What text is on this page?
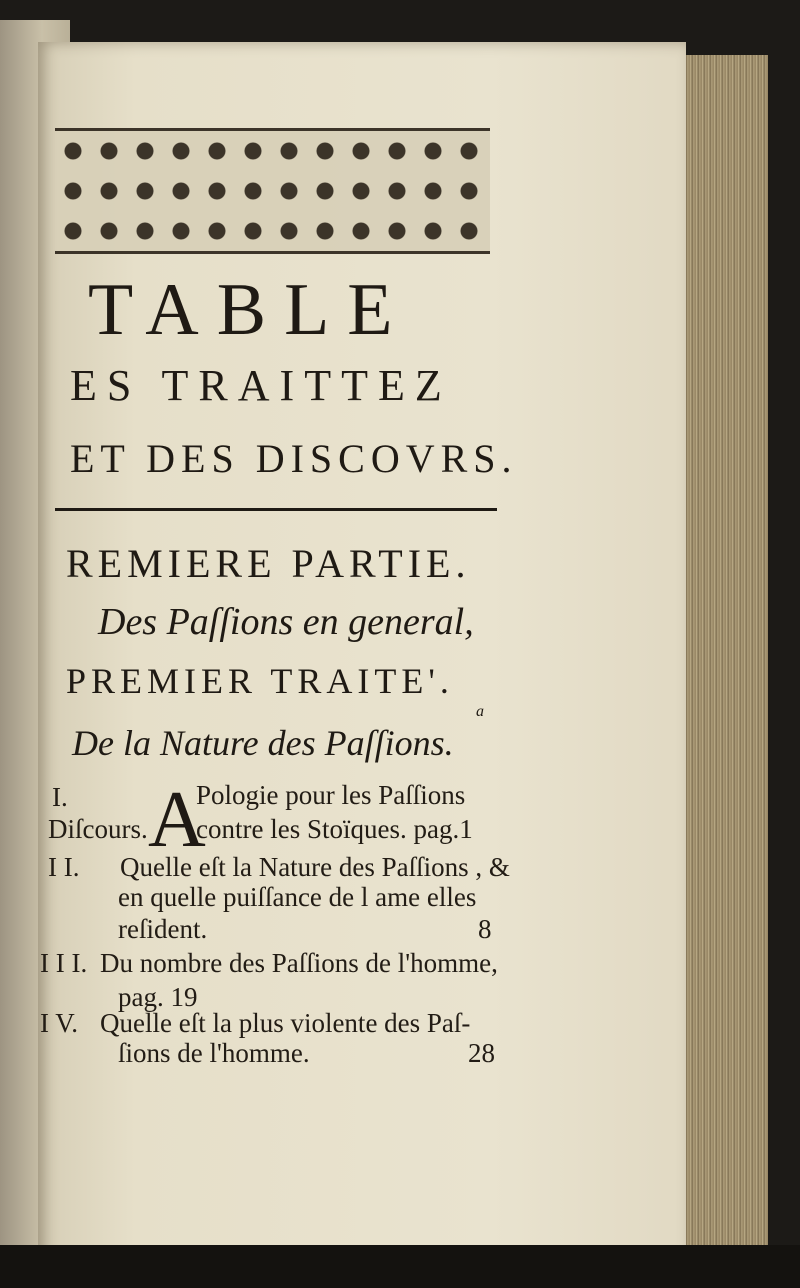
TABLE
ES TRAITTEZ
ET DES DISCOVRS.
REMIERE PARTIE.
Des Paſſions en general,
PREMIER TRAITE'.
a
De la Nature des Paſſions.
I. A
Pologie pour les Paſſions
Diſcours. contre les Stoïques. pag.1
I I. Quelle eſt la Nature des Paſſions , &
en quelle puiſſance de l ame elles
reſident.	8
I I I. Du nombre des Paſſions de l'homme,
pag. 19
I V. Quelle eſt la plus violente des Paſ-
ſions de l'homme.	28
